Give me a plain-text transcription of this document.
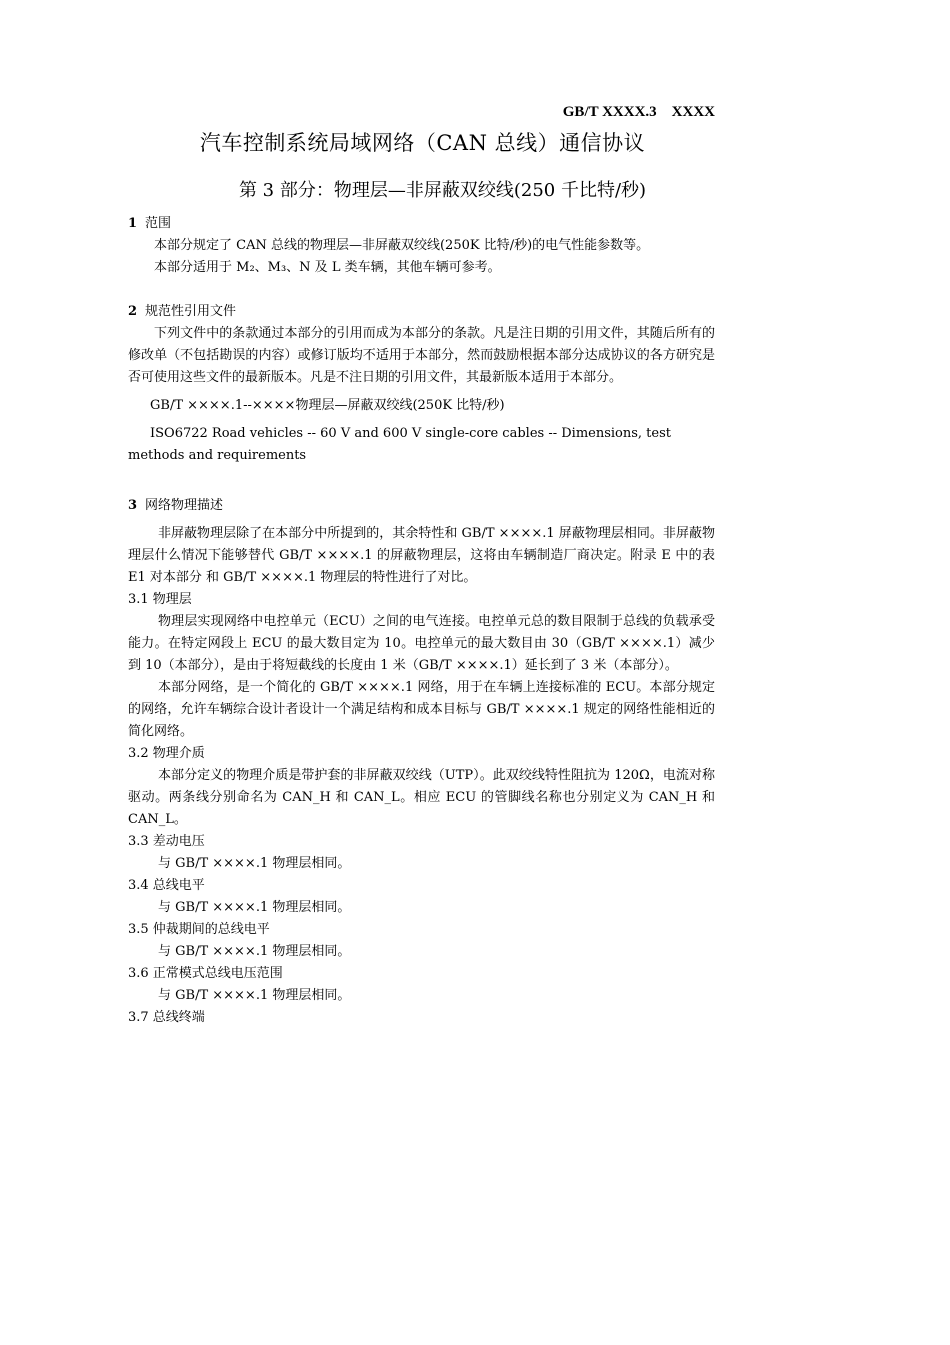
GB/T XXXX.3    XXXX
汽车控制系统局域网络（CAN 总线）通信协议
第 3 部分：物理层—非屏蔽双绞线(250 千比特/秒)
1 范围

本部分规定了 CAN 总线的物理层—非屏蔽双绞线(250K 比特/秒)的电气性能参数等。

本部分适用于 M₂、M₃、N 及 L 类车辆，其他车辆可参考。

2 规范性引用文件

下列文件中的条款通过本部分的引用而成为本部分的条款。凡是注日期的引用文件，其随后所有的修改单（不包括勘误的内容）或修订版均不适用于本部分，然而鼓励根据本部分达成协议的各方研究是否可使用这些文件的最新版本。凡是不注日期的引用文件，其最新版本适用于本部分。

GB/T ××××.1--××××物理层—屏蔽双绞线(250K 比特/秒)

ISO6722 Road vehicles -- 60 V and 600 V single-core cables -- Dimensions, test methods and requirements

3 网络物理描述

非屏蔽物理层除了在本部分中所提到的，其余特性和 GB/T ××××.1 屏蔽物理层相同。非屏蔽物理层什么情况下能够替代 GB/T ××××.1 的屏蔽物理层，这将由车辆制造厂商决定。附录 E 中的表 E1 对本部分 和 GB/T ××××.1 物理层的特性进行了对比。

3.1 物理层

物理层实现网络中电控单元（ECU）之间的电气连接。电控单元总的数目限制于总线的负载承受能力。在特定网段上 ECU 的最大数目定为 10。电控单元的最大数目由 30（GB/T ××××.1）减少到 10（本部分），是由于将短截线的长度由 1 米（GB/T ××××.1）延长到了 3 米（本部分）。

本部分网络，是一个简化的 GB/T ××××.1 网络，用于在车辆上连接标准的 ECU。本部分规定的网络，允许车辆综合设计者设计一个满足结构和成本目标与 GB/T ××××.1 规定的网络性能相近的简化网络。

3.2 物理介质

本部分定义的物理介质是带护套的非屏蔽双绞线（UTP）。此双绞线特性阻抗为 120Ω，电流对称驱动。两条线分别命名为 CAN_H 和 CAN_L。相应 ECU 的管脚线名称也分别定义为 CAN_H 和 CAN_L。

3.3 差动电压

与 GB/T ××××.1 物理层相同。

3.4 总线电平

与 GB/T ××××.1 物理层相同。

3.5 仲裁期间的总线电平

与 GB/T ××××.1 物理层相同。

3.6 正常模式总线电压范围

与 GB/T ××××.1 物理层相同。

3.7 总线终端
